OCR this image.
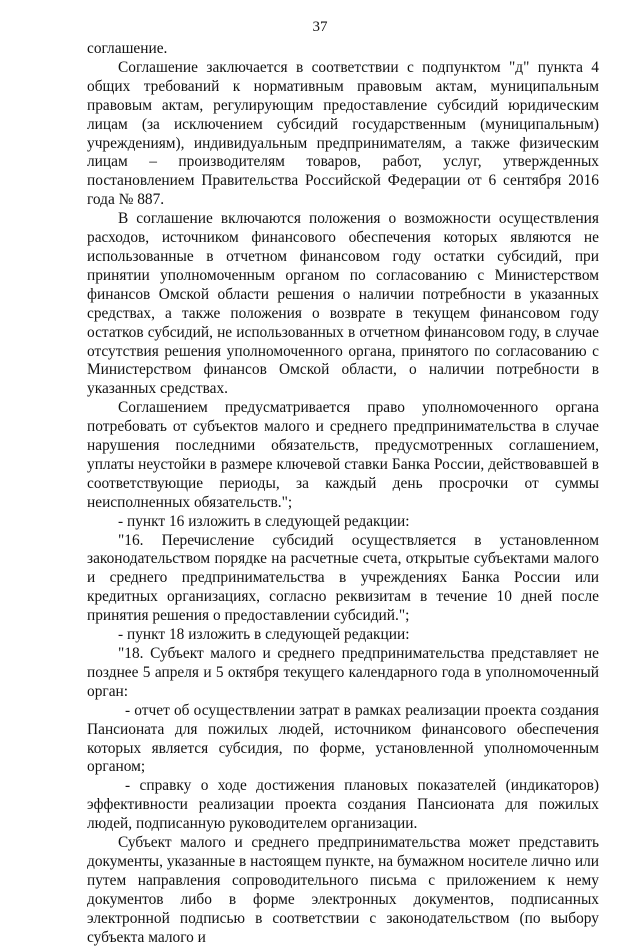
37

соглашение.

Соглашение заключается в соответствии с подпунктом "д" пункта 4 общих требований к нормативным правовым актам, муниципальным правовым актам, регулирующим предоставление субсидий юридическим лицам (за исключением субсидий государственным (муниципальным) учреждениям), индивидуальным предпринимателям, а также физическим лицам – производителям товаров, работ, услуг, утвержденных постановлением Правительства Российской Федерации от 6 сентября 2016 года № 887.

В соглашение включаются положения о возможности осуществления расходов, источником финансового обеспечения которых являются не использованные в отчетном финансовом году остатки субсидий, при принятии уполномоченным органом по согласованию с Министерством финансов Омской области решения о наличии потребности в указанных средствах, а также положения о возврате в текущем финансовом году остатков субсидий, не использованных в отчетном финансовом году, в случае отсутствия решения уполномоченного органа, принятого по согласованию с Министерством финансов Омской области, о наличии потребности в указанных средствах.

Соглашением предусматривается право уполномоченного органа потребовать от субъектов малого и среднего предпринимательства в случае нарушения последними обязательств, предусмотренных соглашением, уплаты неустойки в размере ключевой ставки Банка России, действовавшей в соответствующие периоды, за каждый день просрочки от суммы неисполненных обязательств.";

- пункт 16 изложить в следующей редакции:

"16. Перечисление субсидий осуществляется в установленном законодательством порядке на расчетные счета, открытые субъектами малого и среднего предпринимательства в учреждениях Банка России или кредитных организациях, согласно реквизитам в течение 10 дней после принятия решения о предоставлении субсидий.";

- пункт 18 изложить в следующей редакции:

"18. Субъект малого и среднего предпринимательства представляет не позднее 5 апреля и 5 октября текущего календарного года в уполномоченный орган:

- отчет об осуществлении затрат в рамках реализации проекта создания Пансионата для пожилых людей, источником финансового обеспечения которых является субсидия, по форме, установленной уполномоченным органом;

- справку о ходе достижения плановых показателей (индикаторов) эффективности реализации проекта создания Пансионата для пожилых людей, подписанную руководителем организации.

Субъект малого и среднего предпринимательства может представить документы, указанные в настоящем пункте, на бумажном носителе лично или путем направления сопроводительного письма с приложением к нему документов либо в форме электронных документов, подписанных электронной подписью в соответствии с законодательством (по выбору субъекта малого и
